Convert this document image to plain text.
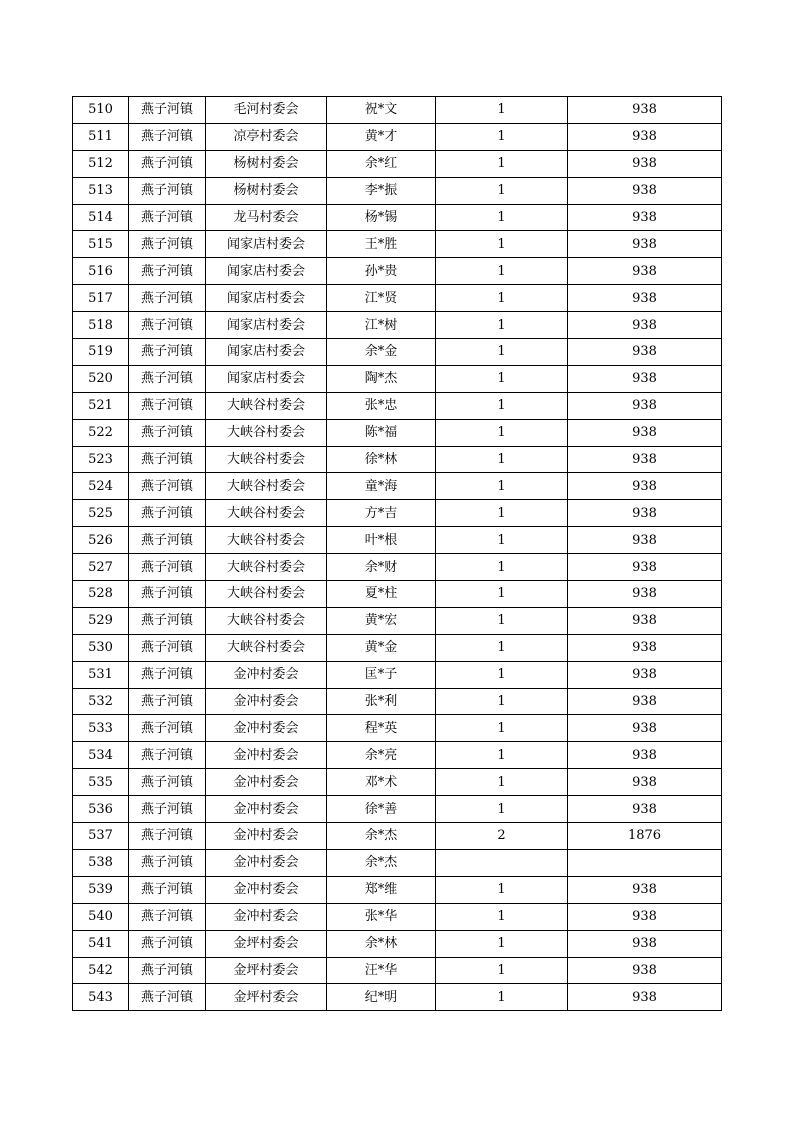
510	燕子河镇	毛河村委会	祝*文	1	938
511	燕子河镇	凉亭村委会	黄*才	1	938
512	燕子河镇	杨树村委会	余*红	1	938
513	燕子河镇	杨树村委会	李*振	1	938
514	燕子河镇	龙马村委会	杨*锡	1	938
515	燕子河镇	闻家店村委会	王*胜	1	938
516	燕子河镇	闻家店村委会	孙*贵	1	938
517	燕子河镇	闻家店村委会	江*贤	1	938
518	燕子河镇	闻家店村委会	江*树	1	938
519	燕子河镇	闻家店村委会	余*金	1	938
520	燕子河镇	闻家店村委会	陶*杰	1	938
521	燕子河镇	大峡谷村委会	张*忠	1	938
522	燕子河镇	大峡谷村委会	陈*福	1	938
523	燕子河镇	大峡谷村委会	徐*林	1	938
524	燕子河镇	大峡谷村委会	童*海	1	938
525	燕子河镇	大峡谷村委会	方*吉	1	938
526	燕子河镇	大峡谷村委会	叶*根	1	938
527	燕子河镇	大峡谷村委会	余*财	1	938
528	燕子河镇	大峡谷村委会	夏*柱	1	938
529	燕子河镇	大峡谷村委会	黄*宏	1	938
530	燕子河镇	大峡谷村委会	黄*金	1	938
531	燕子河镇	金冲村委会	匡*子	1	938
532	燕子河镇	金冲村委会	张*利	1	938
533	燕子河镇	金冲村委会	程*英	1	938
534	燕子河镇	金冲村委会	余*亮	1	938
535	燕子河镇	金冲村委会	邓*术	1	938
536	燕子河镇	金冲村委会	徐*善	1	938
537	燕子河镇	金冲村委会	余*杰	2	1876
538	燕子河镇	金冲村委会	余*杰		
539	燕子河镇	金冲村委会	郑*维	1	938
540	燕子河镇	金冲村委会	张*华	1	938
541	燕子河镇	金坪村委会	余*林	1	938
542	燕子河镇	金坪村委会	汪*华	1	938
543	燕子河镇	金坪村委会	纪*明	1	938
